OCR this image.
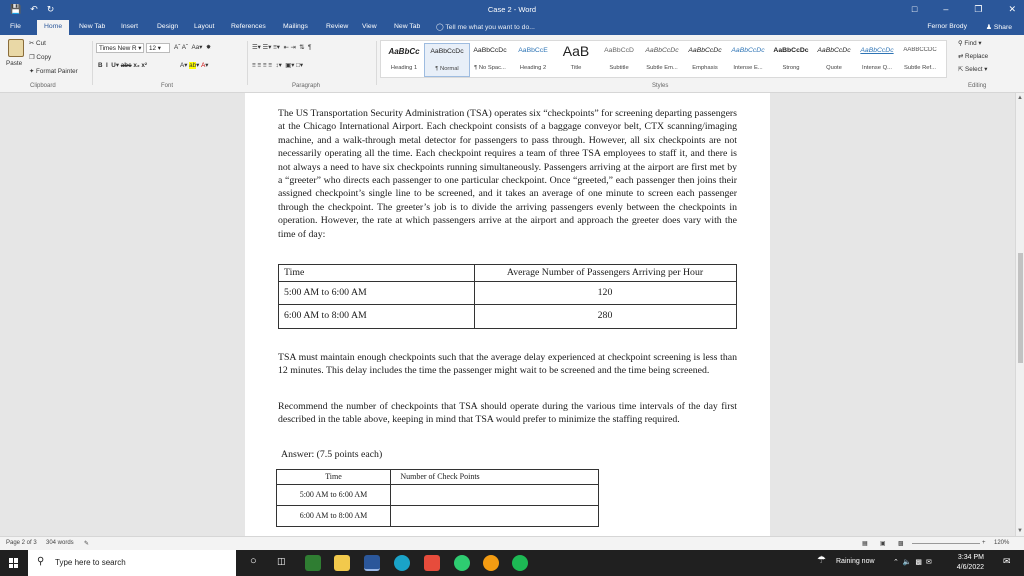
💾 ↶ ↻	Case 2 - Word	□	–	❐	✕
File	Home	New Tab Insert	Design Layout References	Mailings	Review View	New Tab ◯ Tell me what you want to do...	Fernor Brody	♟ Share
Paste
✂ Cut
❐ Copy
✦ Format Painter
Clipboard
Times New R ▾	12 ▾	Aˆ Aˇ  Aa▾  ✸
B  I  U▾ abc x₂ x²	A▾ ab▾ A▾
Font
☰▾ ☰▾ ≡▾  ⇤ ⇥  ⇅  ¶
≡ ≡ ≡ ≡  ↕▾  ▣▾ □▾
Paragraph
AaBbCc
Heading 1
AaBbCcDc
¶ Normal
AaBbCcDc
¶ No Spac...
AaBbCcE
Heading 2
AaB
Title
AaBbCcD
Subtitle
AaBbCcDc
Subtle Em...
AaBbCcDc
Emphasis
AaBbCcDc
Intense E...
AaBbCcDc
Strong
AaBbCcDc
Quote
AaBbCcDc
Intense Q...
AABBCCDC
Subtle Ref...
Styles
⚲ Find ▾
⇄ Replace
⇱ Select ▾
Editing
The US Transportation Security Administration (TSA) operates six “checkpoints” for screening departing passengers at the Chicago International Airport. Each checkpoint consists of a baggage conveyor belt, CTX scanning/imaging machine, and a walk-through metal detector for passengers to pass through. However, all six checkpoints are not necessarily operating all the time. Each checkpoint requires a team of three TSA employees to staff it, and there is not always a need to have six checkpoints running simultaneously. Passengers arriving at the airport are first met by a “greeter” who directs each passenger to one particular checkpoint. Once “greeted,” each passenger then joins their assigned checkpoint’s single line to be screened, and it takes an average of one minute to screen each passenger through the checkpoint. The greeter’s job is to divide the arriving passengers evenly between the checkpoints in operation. However, the rate at which passengers arrive at the airport and approach the greeter does vary with the time of day:
Time	Average Number of Passengers Arriving per Hour
5:00 AM to 6:00 AM	120
6:00 AM to 8:00 AM	280
TSA must maintain enough checkpoints such that the average delay experienced at checkpoint screening is less than 12 minutes. This delay includes the time the passenger might wait to be screened and the time being screened.
Recommend the number of checkpoints that TSA should operate during the various time intervals of the day first described in the table above, keeping in mind that TSA would prefer to minimize the staffing required.
Answer: (7.5 points each)
Time	Number of Check Points
5:00 AM to 6:00 AM
6:00 AM to 8:00 AM
▲
▼
Page 2 of 3 304 words ✎	▦ ▣ ▩	+ 120%
⚲ Type here to search	○ ◫	☂ Raining now	⌃  🔈  ▩  ✉
3:34 PM
4/6/2022
✉
